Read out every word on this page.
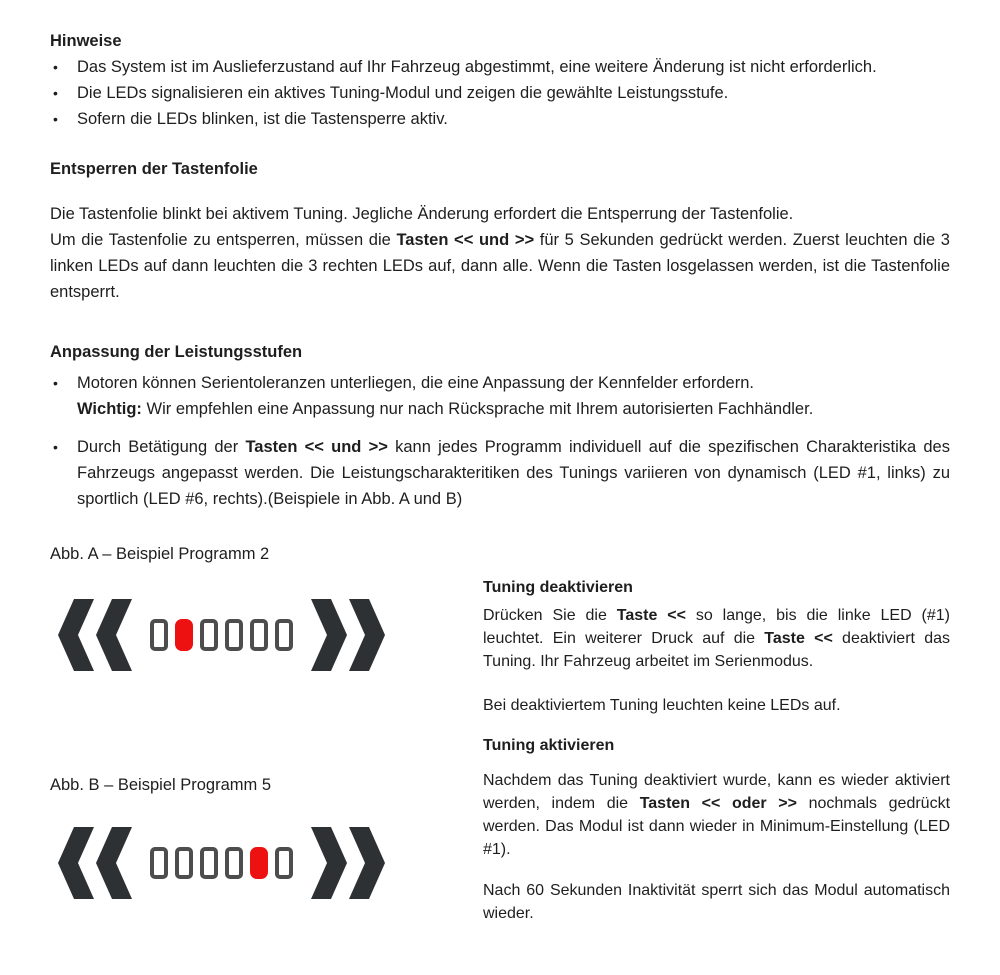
Hinweise
•	Das System ist im Auslieferzustand auf Ihr Fahrzeug abgestimmt, eine weitere Änderung ist nicht erforderlich.
•	Die LEDs signalisieren ein aktives Tuning-Modul und zeigen die gewählte Leistungsstufe.
•	Sofern die LEDs blinken, ist die Tastensperre aktiv.
Entsperren der Tastenfolie

Die Tastenfolie blinkt bei aktivem Tuning. Jegliche Änderung erfordert die Entsperrung der Tastenfolie.
Um die Tastenfolie zu entsperren, müssen die Tasten << und >> für 5 Sekunden gedrückt werden. Zuerst leuchten die 3 linken LEDs auf dann leuchten die 3 rechten LEDs auf, dann alle. Wenn die Tasten losgelassen werden, ist die Tastenfolie entsperrt.

Anpassung der Leistungsstufen
•	Motoren können Serientoleranzen unterliegen, die eine Anpassung der Kennfelder erfordern.
Wichtig: Wir empfehlen eine Anpassung nur nach Rücksprache mit Ihrem autorisierten Fachhändler.
•	Durch Betätigung der Tasten << und >> kann jedes Programm individuell auf die spezifischen Charakteristika des Fahrzeugs angepasst werden. Die Leistungscharakteritiken des Tunings variieren von dynamisch (LED #1, links) zu sportlich (LED #6, rechts).(Beispiele in Abb. A und B)
Abb. A – Beispiel Programm 2
Abb. B – Beispiel Programm 5
Tuning deaktivieren

Drücken Sie die Taste << so lange, bis die linke LED (#1) leuchtet. Ein weiterer Druck auf die Taste << deaktiviert das Tuning. Ihr Fahrzeug arbeitet im Serienmodus.

Bei deaktiviertem Tuning leuchten keine LEDs auf.

Tuning aktivieren

Nachdem das Tuning deaktiviert wurde, kann es wieder aktiviert werden, indem die Tasten << oder >> nochmals gedrückt werden. Das Modul ist dann wieder in Minimum-Einstellung (LED #1).

Nach 60 Sekunden Inaktivität sperrt sich das Modul automatisch wieder.
